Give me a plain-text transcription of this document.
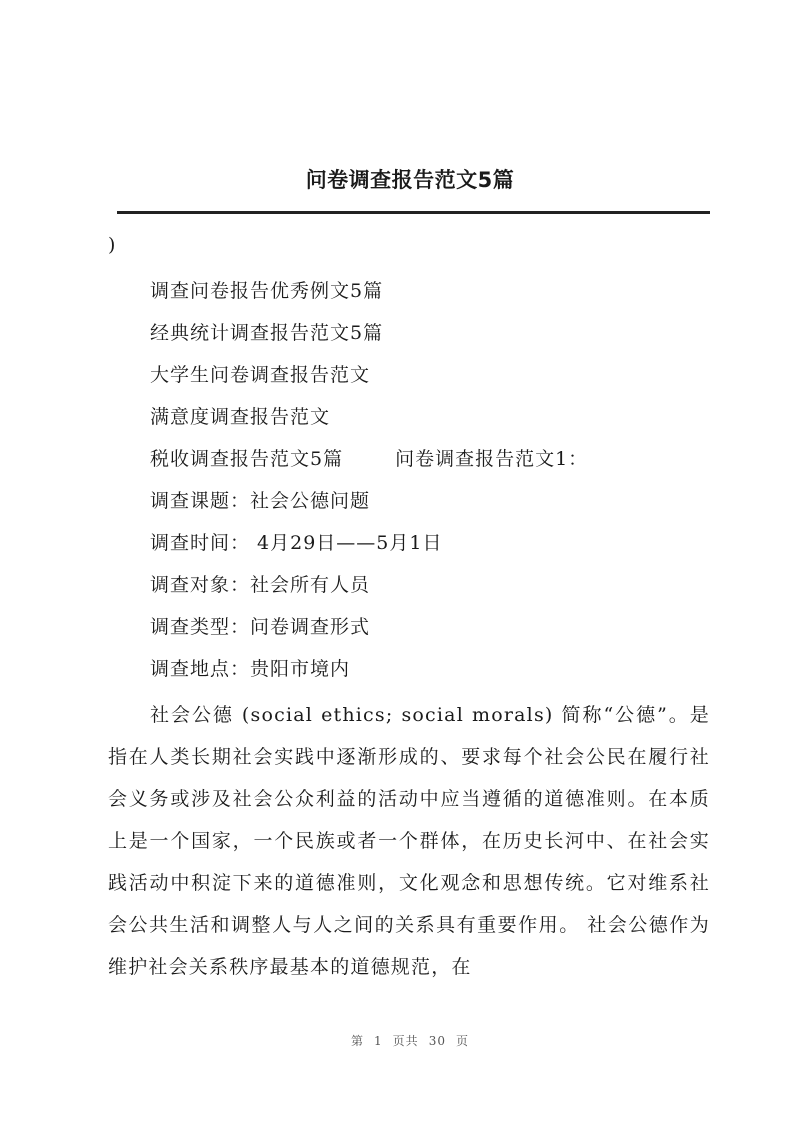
问卷调查报告范文5篇
)
调查问卷报告优秀例文5篇
经典统计调查报告范文5篇
大学生问卷调查报告范文
满意度调查报告范文
税收调查报告范文5篇	问卷调查报告范文1：
调查课题：社会公德问题
调查时间： 4月29日——5月1日
调查对象：社会所有人员
调查类型：问卷调查形式
调查地点：贵阳市境内
社会公德 (social ethics; social morals) 简称“公德”。是指在人类长期社会实践中逐渐形成的、要求每个社会公民在履行社会义务或涉及社会公众利益的活动中应当遵循的道德准则。在本质上是一个国家，一个民族或者一个群体，在历史长河中、在社会实践活动中积淀下来的道德准则，文化观念和思想传统。它对维系社会公共生活和调整人与人之间的关系具有重要作用。 社会公德作为维护社会关系秩序最基本的道德规范，在
第 1 页共 30 页
